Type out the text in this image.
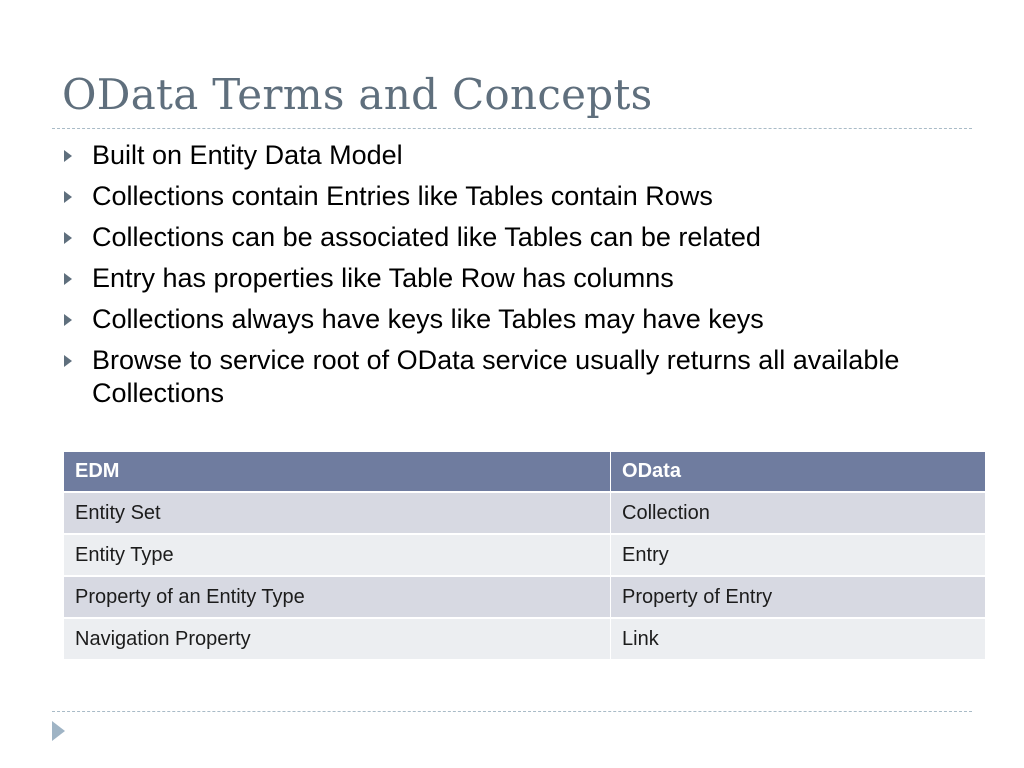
OData Terms and Concepts
Built on Entity Data Model
Collections contain Entries like Tables contain Rows
Collections can be associated like Tables can be related
Entry has properties like Table Row has columns
Collections always have keys like Tables may have keys
Browse to service root of OData service usually returns all available Collections
EDM	OData
Entity Set	Collection
Entity Type	Entry
Property of an Entity Type	Property of Entry
Navigation Property	Link
